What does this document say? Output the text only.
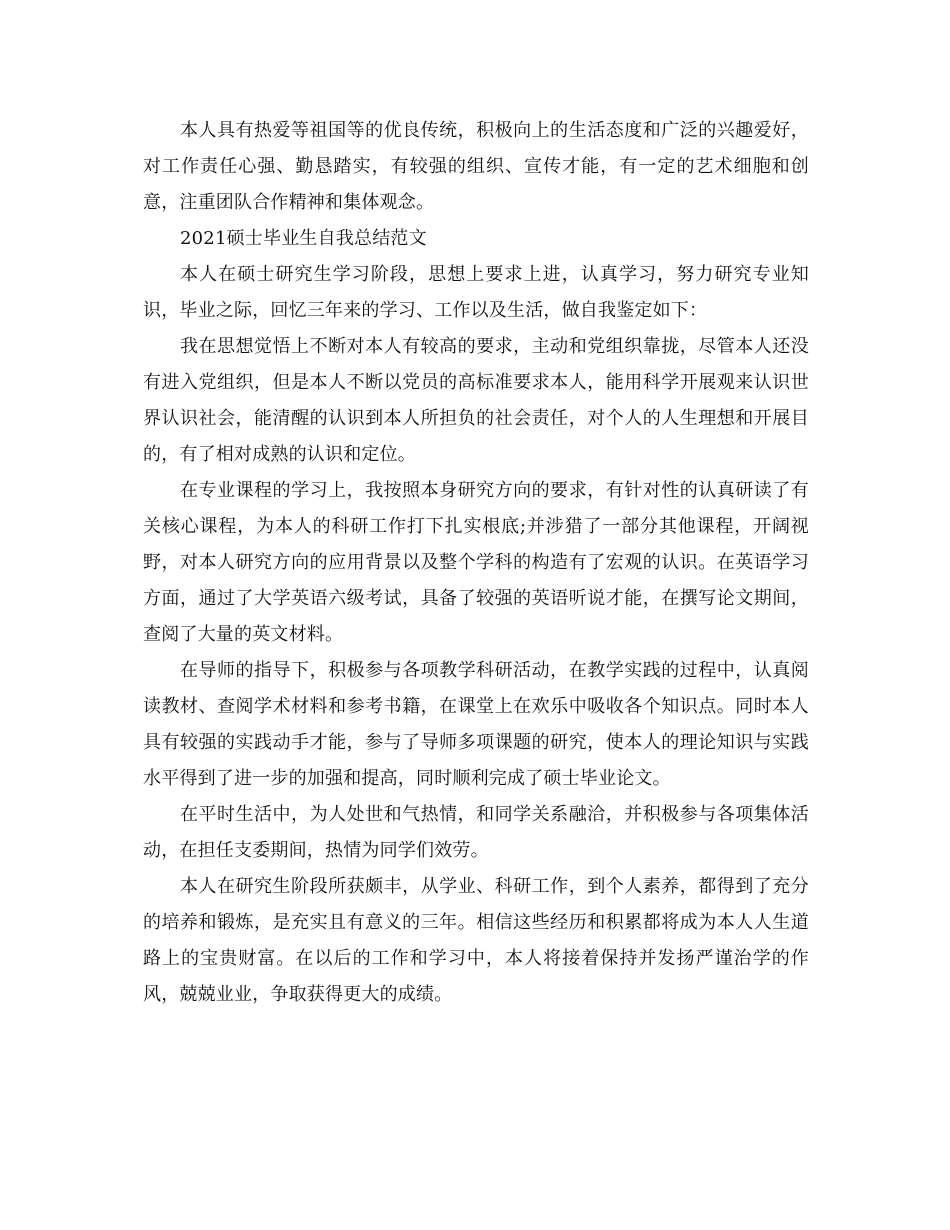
本人具有热爱等祖国等的优良传统，积极向上的生活态度和广泛的兴趣爱好，对工作责任心强、勤恳踏实，有较强的组织、宣传才能，有一定的艺术细胞和创意，注重团队合作精神和集体观念。

2021硕士毕业生自我总结范文

本人在硕士研究生学习阶段，思想上要求上进，认真学习，努力研究专业知识，毕业之际，回忆三年来的学习、工作以及生活，做自我鉴定如下：

我在思想觉悟上不断对本人有较高的要求，主动和党组织靠拢，尽管本人还没有进入党组织，但是本人不断以党员的高标准要求本人，能用科学开展观来认识世界认识社会，能清醒的认识到本人所担负的社会责任，对个人的人生理想和开展目的，有了相对成熟的认识和定位。

在专业课程的学习上，我按照本身研究方向的要求，有针对性的认真研读了有关核心课程，为本人的科研工作打下扎实根底;并涉猎了一部分其他课程，开阔视野，对本人研究方向的应用背景以及整个学科的构造有了宏观的认识。在英语学习方面，通过了大学英语六级考试，具备了较强的英语听说才能，在撰写论文期间，查阅了大量的英文材料。

在导师的指导下，积极参与各项教学科研活动，在教学实践的过程中，认真阅读教材、查阅学术材料和参考书籍，在课堂上在欢乐中吸收各个知识点。同时本人具有较强的实践动手才能，参与了导师多项课题的研究，使本人的理论知识与实践水平得到了进一步的加强和提高，同时顺利完成了硕士毕业论文。

在平时生活中，为人处世和气热情，和同学关系融洽，并积极参与各项集体活动，在担任支委期间，热情为同学们效劳。

本人在研究生阶段所获颇丰，从学业、科研工作，到个人素养，都得到了充分的培养和锻炼，是充实且有意义的三年。相信这些经历和积累都将成为本人人生道路上的宝贵财富。在以后的工作和学习中，本人将接着保持并发扬严谨治学的作风，兢兢业业，争取获得更大的成绩。
